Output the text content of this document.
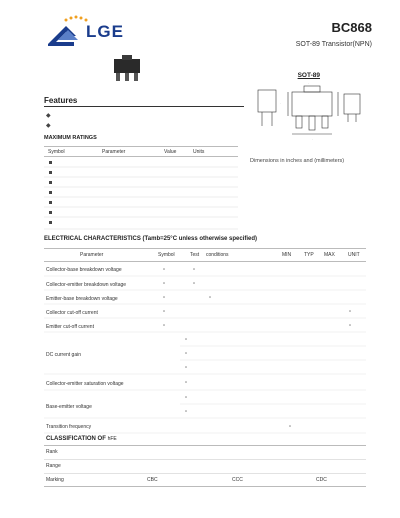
LGE	BC868
SOT-89 Transistor(NPN)
SOT-89
.
.
.
Dimensions in inches and (millimeters)
Features
◆
◆
MAXIMUM RATINGS
Symbol	Parameter	Value	Units
ELECTRICAL CHARACTERISTICS (Tamb=25°C unless otherwise specified)
Parameter	Symbol	Test conditions	MIN	TYP MAX	UNIT
Collector-base breakdown voltage
Collector-emitter breakdown voltage
Emitter-base breakdown voltage
Collector cut-off current
Emitter cut-off current
DC current gain
Collector-emitter saturation voltage
Base-emitter voltage
Transition frequency
CLASSIFICATION OF hFE
Rank
Range
Marking	CBC	CCC	CDC
